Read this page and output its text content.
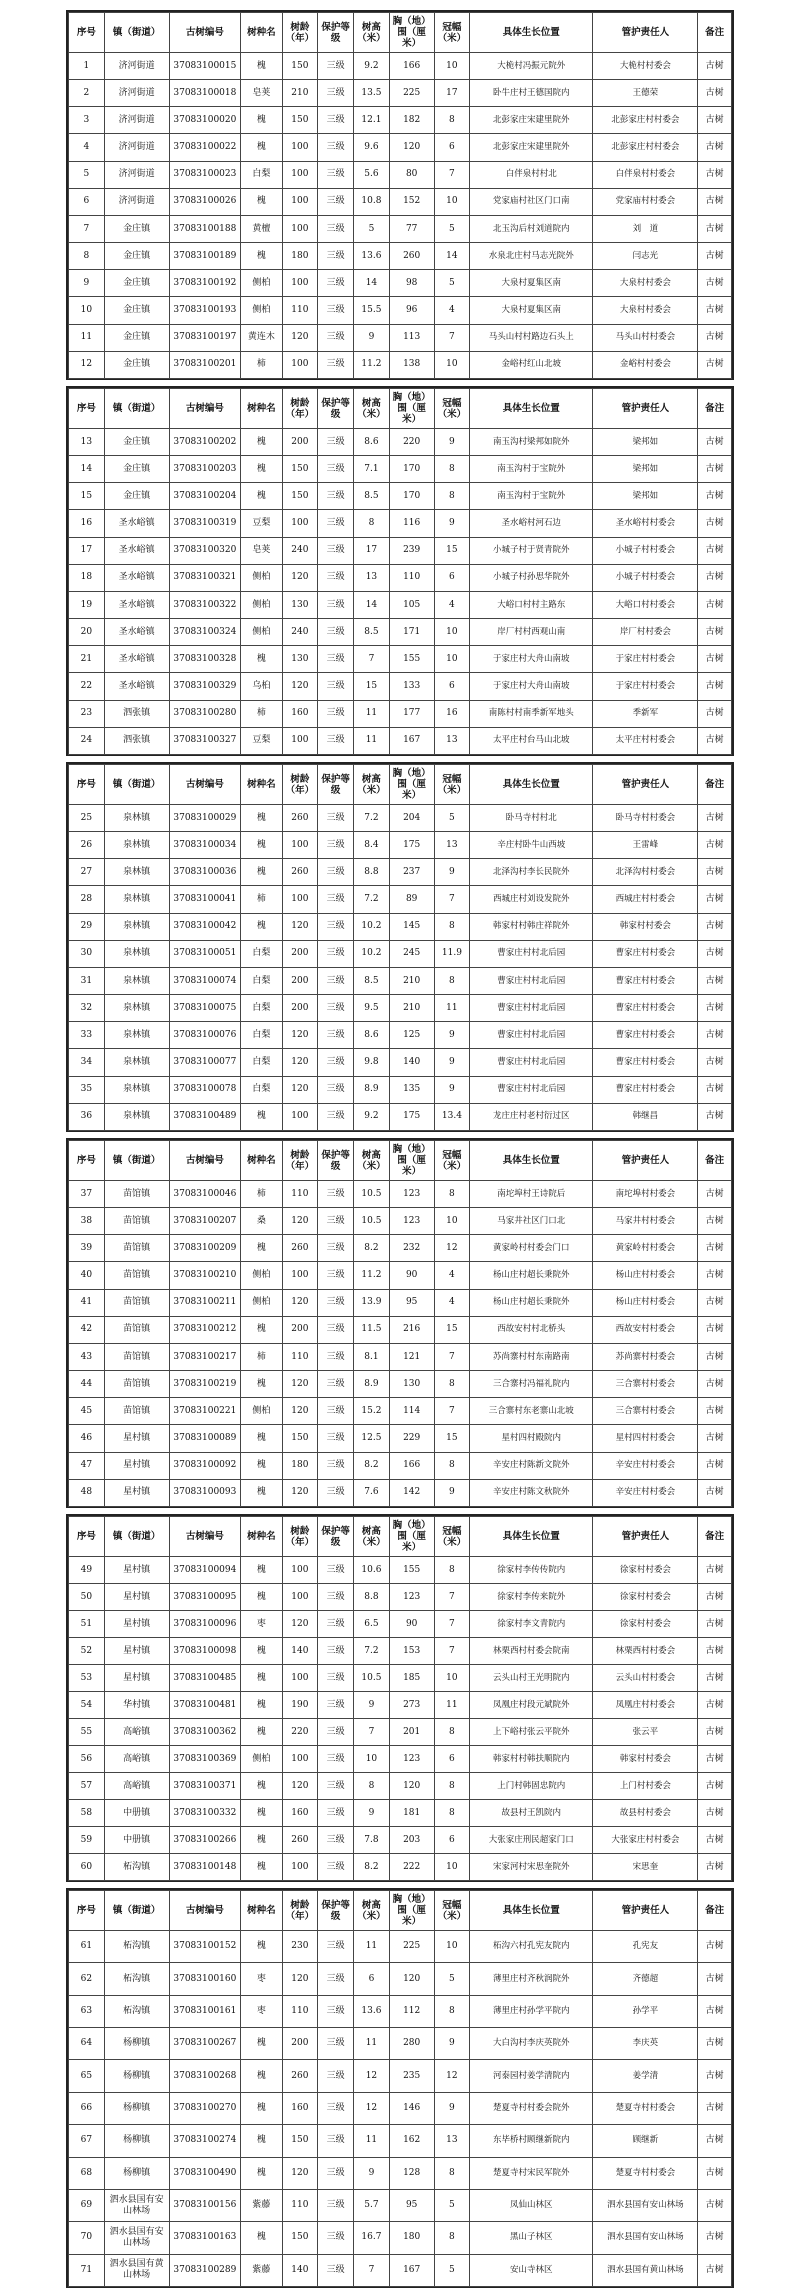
序号	镇（街道）	古树编号	树种名	树龄（年）	保护等级	树高（米）	胸（地）围（厘米）	冠幅（米）	具体生长位置	管护责任人	备注
1	济河街道	37083100015	槐	150	三级	9.2	166	10	大桅村冯振元院外	大桅村村委会	古树
2	济河街道	37083100018	皂荚	210	三级	13.5	225	17	卧牛庄村王德国院内	王德荣	古树
3	济河街道	37083100020	槐	150	三级	12.1	182	8	北彭家庄宋建里院外	北彭家庄村村委会	古树
4	济河街道	37083100022	槐	100	三级	9.6	120	6	北彭家庄宋建里院外	北彭家庄村村委会	古树
5	济河街道	37083100023	白梨	100	三级	5.6	80	7	白伴泉村村北	白伴泉村村委会	古树
6	济河街道	37083100026	槐	100	三级	10.8	152	10	党家庙村社区门口南	党家庙村村委会	古树
7	金庄镇	37083100188	黄檀	100	三级	5	77	5	北玉沟后村刘道院内	刘　道	古树
8	金庄镇	37083100189	槐	180	三级	13.6	260	14	水泉北庄村马志光院外	闫志光	古树
9	金庄镇	37083100192	侧柏	100	三级	14	98	5	大泉村夏集区南	大泉村村委会	古树
10	金庄镇	37083100193	侧柏	110	三级	15.5	96	4	大泉村夏集区南	大泉村村委会	古树
11	金庄镇	37083100197	黄连木	120	三级	9	113	7	马头山村村路边石头上	马头山村村委会	古树
12	金庄镇	37083100201	柿	100	三级	11.2	138	10	金峪村红山北坡	金峪村村委会	古树
序号	镇（街道）	古树编号	树种名	树龄（年）	保护等级	树高（米）	胸（地）围（厘米）	冠幅（米）	具体生长位置	管护责任人	备注
13	金庄镇	37083100202	槐	200	三级	8.6	220	9	南玉沟村梁邦如院外	梁邦如	古树
14	金庄镇	37083100203	槐	150	三级	7.1	170	8	南玉沟村于宝院外	梁邦如	古树
15	金庄镇	37083100204	槐	150	三级	8.5	170	8	南玉沟村于宝院外	梁邦如	古树
16	圣水峪镇	37083100319	豆梨	100	三级	8	116	9	圣水峪村河石边	圣水峪村村委会	古树
17	圣水峪镇	37083100320	皂荚	240	三级	17	239	15	小城子村于贤青院外	小城子村村委会	古树
18	圣水峪镇	37083100321	侧柏	120	三级	13	110	6	小城子村孙思华院外	小城子村村委会	古树
19	圣水峪镇	37083100322	侧柏	130	三级	14	105	4	大峪口村村主路东	大峪口村村委会	古树
20	圣水峪镇	37083100324	侧柏	240	三级	8.5	171	10	岸厂村村西观山南	岸厂村村委会	古树
21	圣水峪镇	37083100328	槐	130	三级	7	155	10	于家庄村大舟山南坡	于家庄村村委会	古树
22	圣水峪镇	37083100329	乌桕	120	三级	15	133	6	于家庄村大舟山南坡	于家庄村村委会	古树
23	泗张镇	37083100280	柿	160	三级	11	177	16	南陈村村南季新军地头	季新军	古树
24	泗张镇	37083100327	豆梨	100	三级	11	167	13	太平庄村台马山北坡	太平庄村村委会	古树
序号	镇（街道）	古树编号	树种名	树龄（年）	保护等级	树高（米）	胸（地）围（厘米）	冠幅（米）	具体生长位置	管护责任人	备注
25	泉林镇	37083100029	槐	260	三级	7.2	204	5	卧马寺村村北	卧马寺村村委会	古树
26	泉林镇	37083100034	槐	100	三级	8.4	175	13	辛庄村卧牛山西坡	王雷峰	古树
27	泉林镇	37083100036	槐	260	三级	8.8	237	9	北泽沟村李长民院外	北泽沟村村委会	古树
28	泉林镇	37083100041	柿	100	三级	7.2	89	7	西城庄村刘设发院外	西城庄村村委会	古树
29	泉林镇	37083100042	槐	120	三级	10.2	145	8	韩家村村韩庄祥院外	韩家村村委会	古树
30	泉林镇	37083100051	白梨	200	三级	10.2	245	11.9	曹家庄村村北后园	曹家庄村村委会	古树
31	泉林镇	37083100074	白梨	200	三级	8.5	210	8	曹家庄村村北后园	曹家庄村村委会	古树
32	泉林镇	37083100075	白梨	200	三级	9.5	210	11	曹家庄村村北后园	曹家庄村村委会	古树
33	泉林镇	37083100076	白梨	120	三级	8.6	125	9	曹家庄村村北后园	曹家庄村村委会	古树
34	泉林镇	37083100077	白梨	120	三级	9.8	140	9	曹家庄村村北后园	曹家庄村村委会	古树
35	泉林镇	37083100078	白梨	120	三级	8.9	135	9	曹家庄村村北后园	曹家庄村村委会	古树
36	泉林镇	37083100489	槐	100	三级	9.2	175	13.4	龙庄庄村老村衍过区	韩继昌	古树
序号	镇（街道）	古树编号	树种名	树龄（年）	保护等级	树高（米）	胸（地）围（厘米）	冠幅（米）	具体生长位置	管护责任人	备注
37	苗馆镇	37083100046	柿	110	三级	10.5	123	8	南坨埠村王诗院后	南坨埠村村委会	古树
38	苗馆镇	37083100207	桑	120	三级	10.5	123	10	马家井社区门口北	马家井村村委会	古树
39	苗馆镇	37083100209	槐	260	三级	8.2	232	12	黄家岭村村委会门口	黄家岭村村委会	古树
40	苗馆镇	37083100210	侧柏	100	三级	11.2	90	4	杨山庄村超长秉院外	杨山庄村村委会	古树
41	苗馆镇	37083100211	侧柏	120	三级	13.9	95	4	杨山庄村超长秉院外	杨山庄村村委会	古树
42	苗馆镇	37083100212	槐	200	三级	11.5	216	15	西故安村村北桥头	西故安村村委会	古树
43	苗馆镇	37083100217	柿	110	三级	8.1	121	7	苏尚寨村村东南路南	苏尚寨村村委会	古树
44	苗馆镇	37083100219	槐	120	三级	8.9	130	8	三合寨村冯福礼院内	三合寨村村委会	古树
45	苗馆镇	37083100221	侧柏	120	三级	15.2	114	7	三合寨村东老寨山北坡	三合寨村村委会	古树
46	星村镇	37083100089	槐	150	三级	12.5	229	15	星村四村殿院内	星村四村村委会	古树
47	星村镇	37083100092	槐	180	三级	8.2	166	8	辛安庄村陈新文院外	辛安庄村村委会	古树
48	星村镇	37083100093	槐	120	三级	7.6	142	9	辛安庄村陈文秋院外	辛安庄村村委会	古树
序号	镇（街道）	古树编号	树种名	树龄（年）	保护等级	树高（米）	胸（地）围（厘米）	冠幅（米）	具体生长位置	管护责任人	备注
49	星村镇	37083100094	槐	100	三级	10.6	155	8	徐家村李传传院内	徐家村村委会	古树
50	星村镇	37083100095	槐	100	三级	8.8	123	7	徐家村李传来院外	徐家村村委会	古树
51	星村镇	37083100096	枣	120	三级	6.5	90	7	徐家村李文青院内	徐家村村委会	古树
52	星村镇	37083100098	槐	140	三级	7.2	153	7	林栗西村村委会院南	林栗西村村委会	古树
53	星村镇	37083100485	槐	100	三级	10.5	185	10	云头山村王光明院内	云头山村村委会	古树
54	华村镇	37083100481	槐	190	三级	9	273	11	凤凰庄村段元斌院外	凤凰庄村村委会	古树
55	高峪镇	37083100362	槐	220	三级	7	201	8	上下峪村张云平院外	张云平	古树
56	高峪镇	37083100369	侧柏	100	三级	10	123	6	韩家村村韩扶顺院内	韩家村村委会	古树
57	高峪镇	37083100371	槐	120	三级	8	120	8	上门村韩固忠院内	上门村村委会	古树
58	中册镇	37083100332	槐	160	三级	9	181	8	故县村王凯院内	故县村村委会	古树
59	中册镇	37083100266	槐	260	三级	7.8	203	6	大张家庄刑民超家门口	大张家庄村村委会	古树
60	柘沟镇	37083100148	槐	100	三级	8.2	222	10	宋家河村宋思奎院外	宋思奎	古树
序号	镇（街道）	古树编号	树种名	树龄（年）	保护等级	树高（米）	胸（地）围（厘米）	冠幅（米）	具体生长位置	管护责任人	备注
61	柘沟镇	37083100152	槐	230	三级	11	225	10	柘沟六村孔宪友院内	孔宪友	古树
62	柘沟镇	37083100160	枣	120	三级	6	120	5	薄里庄村齐秋润院外	齐德超	古树
63	柘沟镇	37083100161	枣	110	三级	13.6	112	8	薄里庄村孙学平院内	孙学平	古树
64	杨柳镇	37083100267	槐	200	三级	11	280	9	大白沟村李庆英院外	李庆英	古树
65	杨柳镇	37083100268	槐	260	三级	12	235	12	河泰园村姜学清院内	姜学清	古树
66	杨柳镇	37083100270	槐	160	三级	12	146	9	楚夏寺村村委会院外	楚夏寺村村委会	古树
67	杨柳镇	37083100274	槐	150	三级	11	162	13	东毕桥村顾继新院内	顾继新	古树
68	杨柳镇	37083100490	槐	120	三级	9	128	8	楚夏寺村宋民军院外	楚夏寺村村委会	古树
69	泗水县国有安山林场	37083100156	紫藤	110	三级	5.7	95	5	凤仙山林区	泗水县国有安山林场	古树
70	泗水县国有安山林场	37083100163	槐	150	三级	16.7	180	8	黑山子林区	泗水县国有安山林场	古树
71	泗水县国有黄山林场	37083100289	紫藤	140	三级	7	167	5	安山寺林区	泗水县国有黄山林场	古树
